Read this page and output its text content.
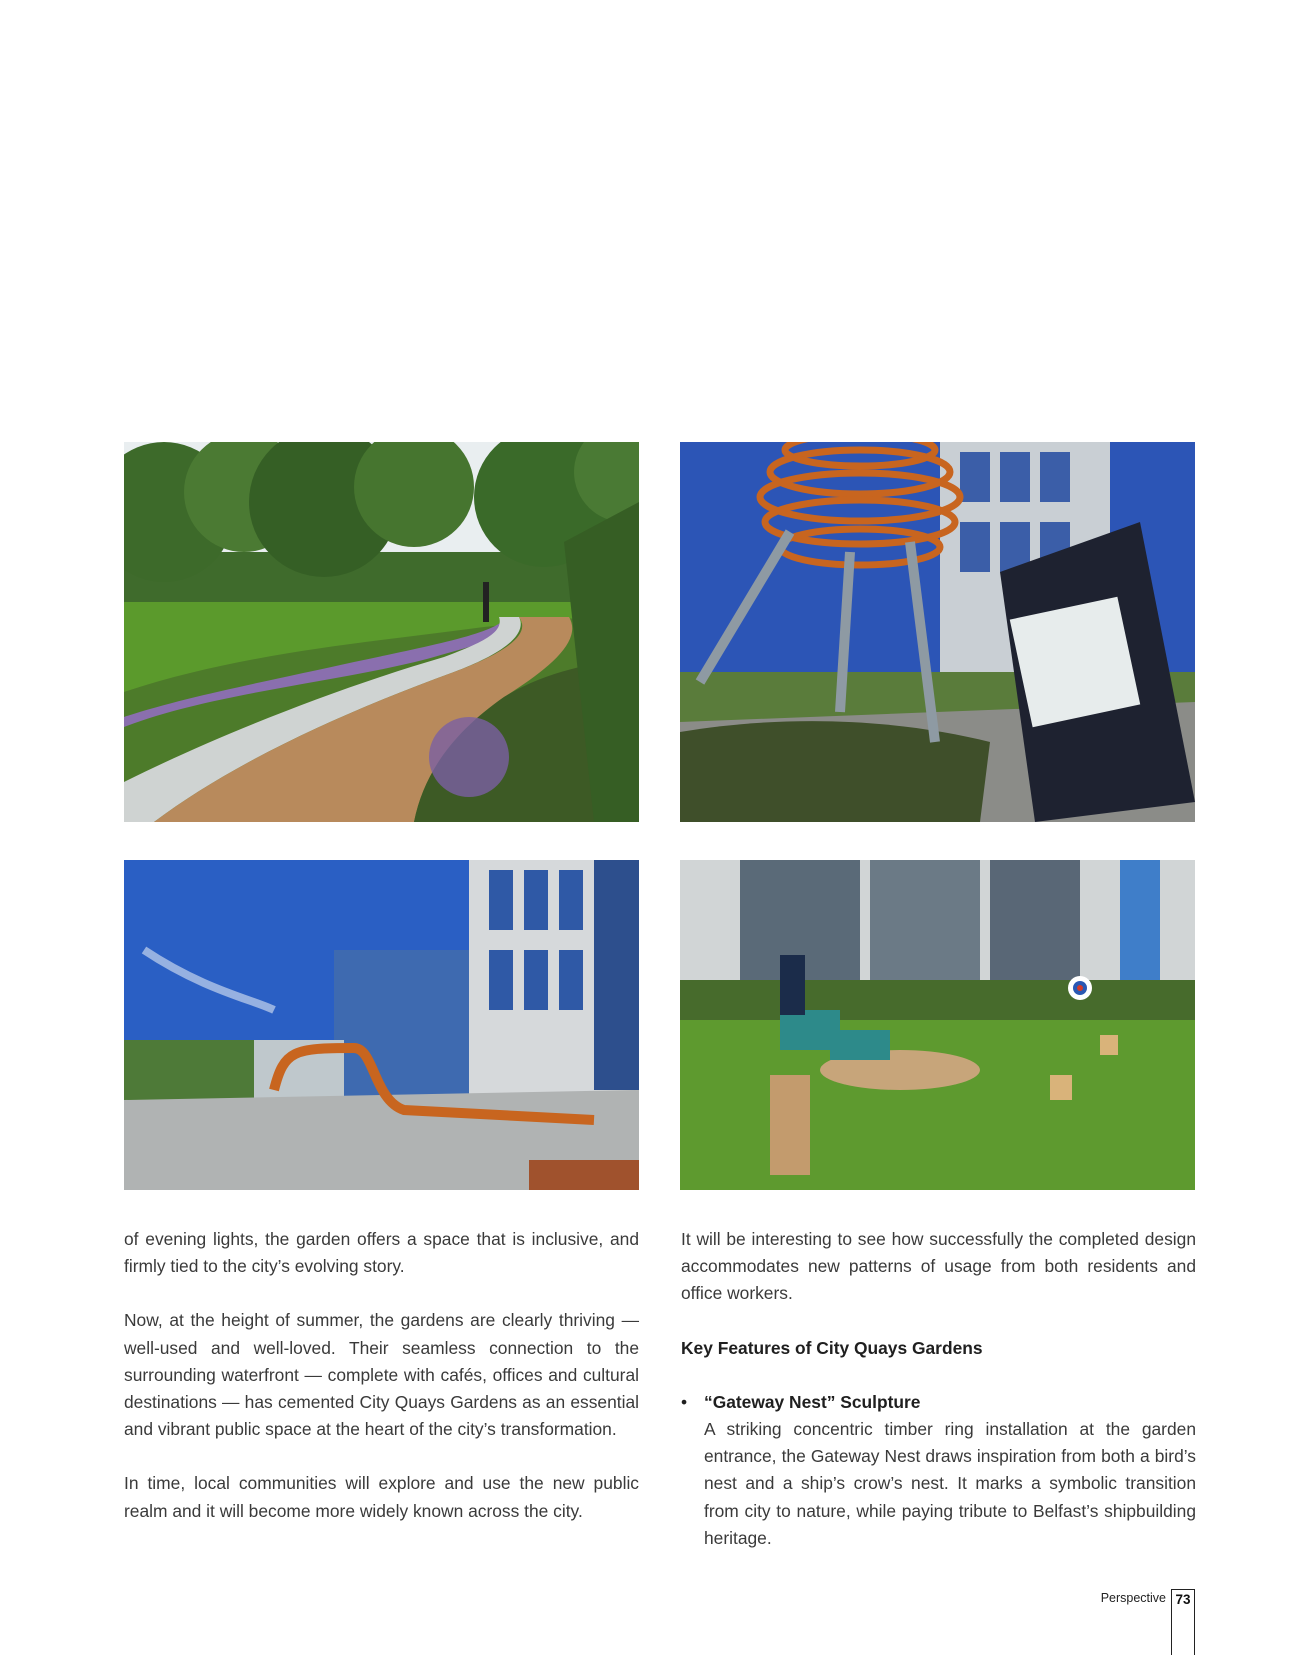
of evening lights, the garden offers a space that is inclusive, and firmly tied to the city’s evolving story.

Now, at the height of summer, the gardens are clearly thriving — well-used and well-loved. Their seamless connection to the surrounding waterfront — complete with cafés, offices and cultural destinations — has cemented City Quays Gardens as an essential and vibrant public space at the heart of the city’s transformation.

In time, local communities will explore and use the new public realm and it will become more widely known across the city.

It will be interesting to see how successfully the completed design accommodates new patterns of usage from both residents and office workers.

Key Features of City Quays Gardens
• “Gateway Nest” Sculpture
A striking concentric timber ring installation at the garden entrance, the Gateway Nest draws inspiration from both a bird’s nest and a ship’s crow’s nest. It marks a symbolic transition from city to nature, while paying tribute to Belfast’s shipbuilding heritage.
Perspective 73
